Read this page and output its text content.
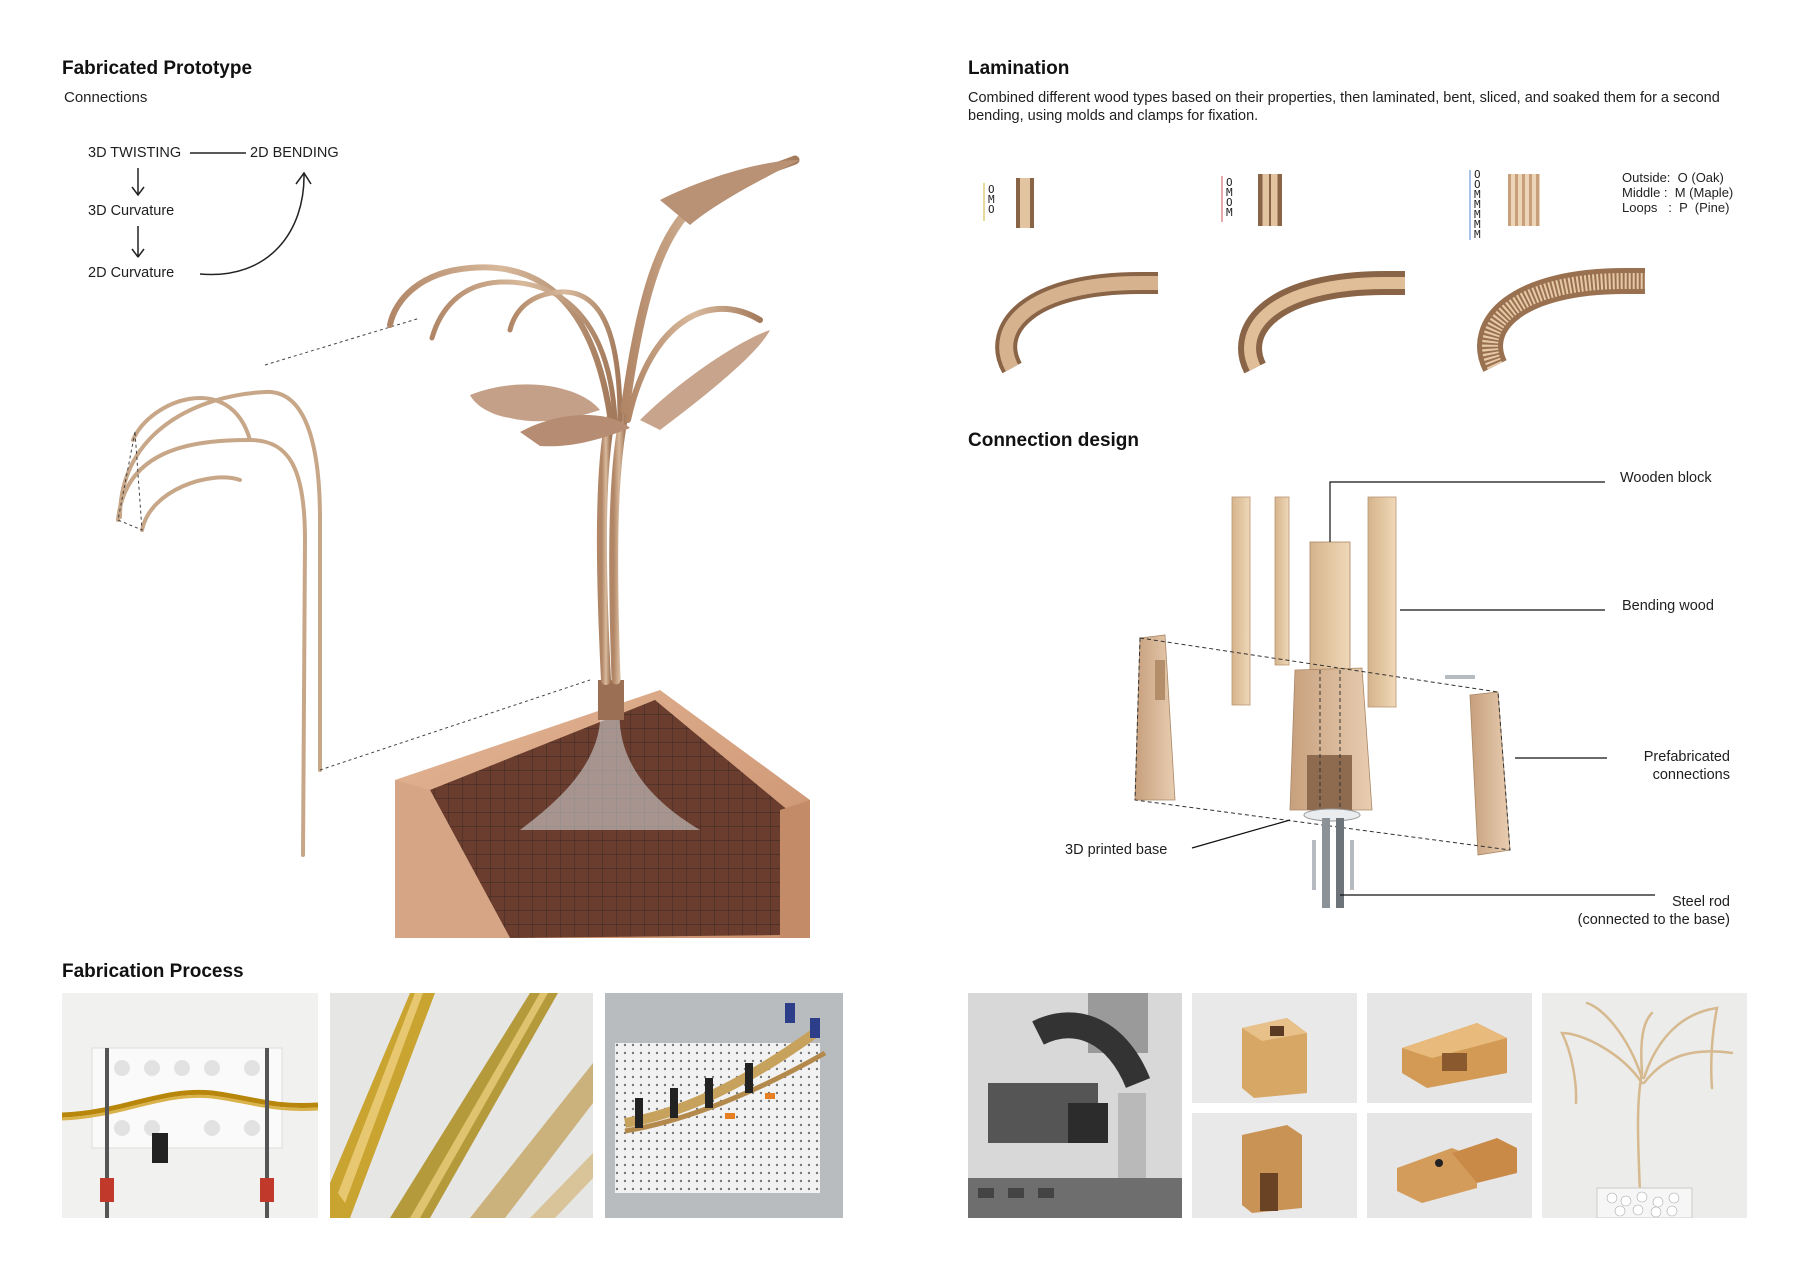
Fabricated Prototype
Connections
3D TWISTING	2D BENDING
3D Curvature
2D Curvature
Lamination
Combined different wood types based on their properties, then laminated, bent, sliced, and soaked them for a second bending, using molds and clamps for fixation.
O
M
O
O
M
O
M
O
O
M
M
M
M
M
Outside:  O (Oak)
Middle :  M (Maple)
Loops   :  P  (Pine)
Connection design
Wooden block
Bending wood
Prefabricated
connections
3D printed base
Steel rod
(connected to the base)
Fabrication Process
